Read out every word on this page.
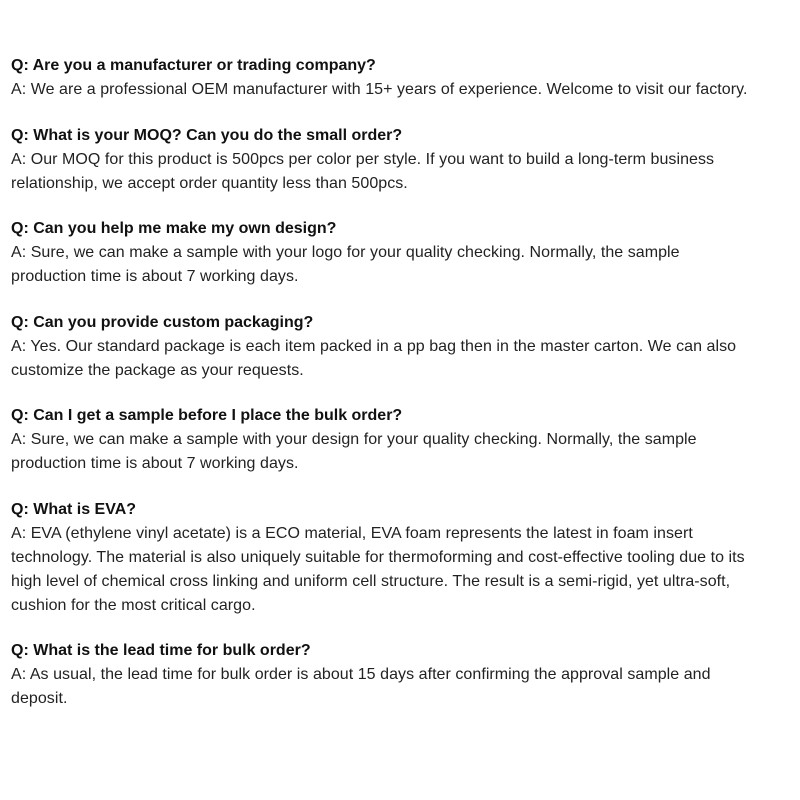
Q: Are you a manufacturer or trading company?

A: We are a professional OEM manufacturer with 15+ years of experience. Welcome to visit our factory.

Q: What is your MOQ? Can you do the small order?

A: Our MOQ for this product is 500pcs per color per style. If you want to build a long-term business

relationship, we accept order quantity less than 500pcs.

Q: Can you help me make my own design?

A: Sure, we can make a sample with your logo for your quality checking. Normally, the sample

production time is about 7 working days.

Q: Can you provide custom packaging?

A: Yes. Our standard package is each item packed in a pp bag then in the master carton. We can also

customize the package as your requests.

Q: Can I get a sample before I place the bulk order?

A: Sure, we can make a sample with your design for your quality checking. Normally, the sample

production time is about 7 working days.

Q: What is EVA?

A: EVA (ethylene vinyl acetate) is a ECO material, EVA foam represents the latest in foam insert

technology. The material is also uniquely suitable for thermoforming and cost-effective tooling due to its

high level of chemical cross linking and uniform cell structure. The result is a semi-rigid, yet ultra-soft,

cushion for the most critical cargo.

Q: What is the lead time for bulk order?

A: As usual, the lead time for bulk order is about 15 days after confirming the approval sample and

deposit.
